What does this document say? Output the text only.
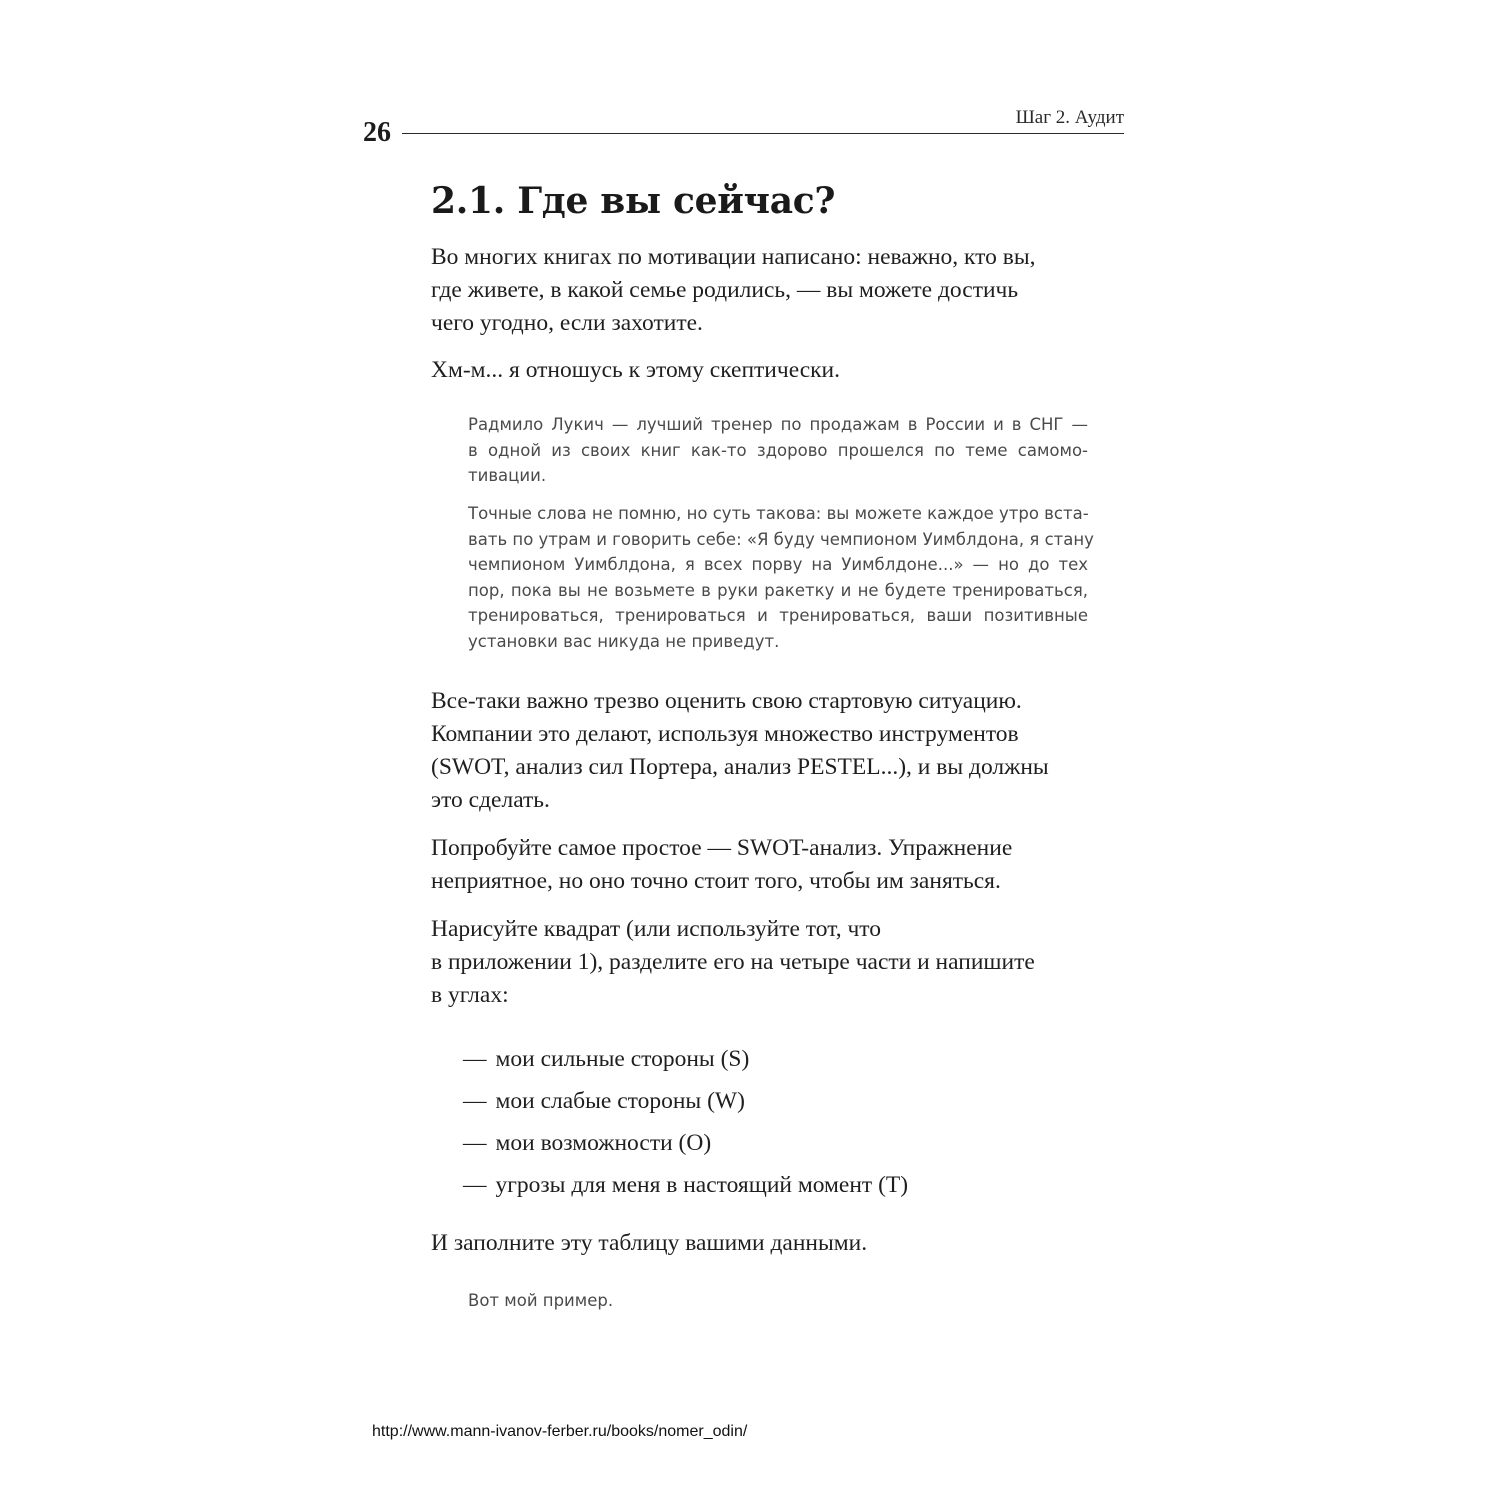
26	Шаг 2. Аудит
2.1. Где вы сейчас?

Во многих книгах по мотивации написано: неважно, кто вы,
где живете, в какой семье родились, — вы можете достичь
чего угодно, если захотите.

Хм-м... я отношусь к этому скептически.

Радмило Лукич — лучший тренер по продажам в России и в СНГ —
в одной из своих книг как-то здорово прошелся по теме самомо-
тивации.

Точные слова не помню, но суть такова: вы можете каждое утро вста-
вать по утрам и говорить себе: «Я буду чемпионом Уимблдона, я стану
чемпионом Уимблдона, я всех порву на Уимблдоне...» — но до тех
пор, пока вы не возьмете в руки ракетку и не будете тренироваться,
тренироваться, тренироваться и тренироваться, ваши позитивные
установки вас никуда не приведут.

Все-таки важно трезво оценить свою стартовую ситуацию.
Компании это делают, используя множество инструментов
(SWOT, анализ сил Портера, анализ PESTEL...), и вы должны
это сделать.

Попробуйте самое простое — SWOT-анализ. Упражнение
неприятное, но оно точно стоит того, чтобы им заняться.

Нарисуйте квадрат (или используйте тот, что
в приложении 1), разделите его на четыре части и напишите
в углах:

— мои сильные стороны (S)
— мои слабые стороны (W)
— мои возможности (O)
— угрозы для меня в настоящий момент (T)

И заполните эту таблицу вашими данными.

Вот мой пример.

http://www.mann-ivanov-ferber.ru/books/nomer_odin/
